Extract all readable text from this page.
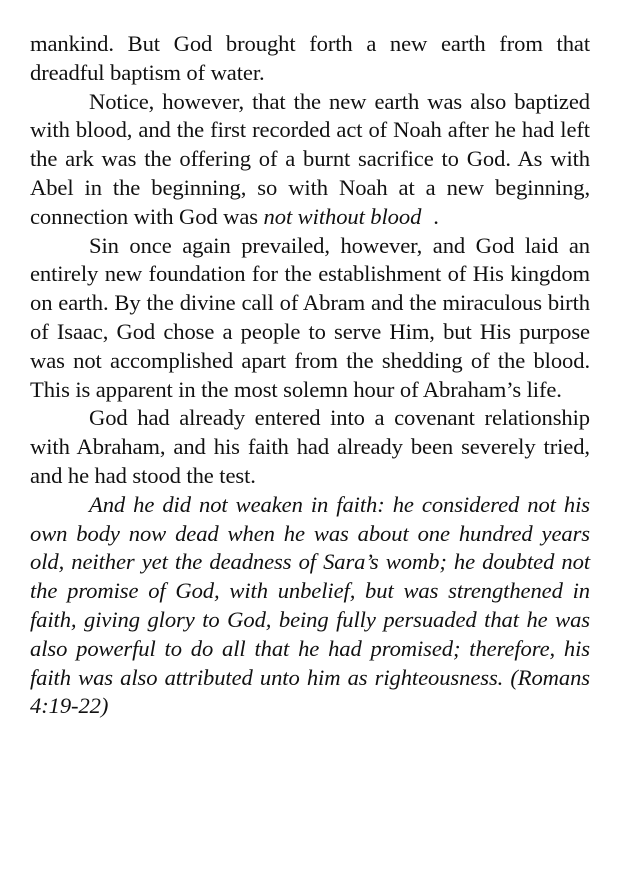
mankind. But God brought forth a new earth from that dreadful baptism of water.

Notice, however, that the new earth was also baptized with blood, and the first recorded act of Noah after he had left the ark was the offering of a burnt sacrifice to God. As with Abel in the beginning, so with Noah at a new beginning, connection with God was not without blood .

Sin once again prevailed, however, and God laid an entirely new foundation for the establishment of His kingdom on earth. By the divine call of Abram and the miraculous birth of Isaac, God chose a people to serve Him, but His purpose was not accomplished apart from the shedding of the blood. This is apparent in the most solemn hour of Abraham’s life.

God had already entered into a covenant relationship with Abraham, and his faith had already been severely tried, and he had stood the test.

And he did not weaken in faith: he considered not his own body now dead when he was about one hundred years old, neither yet the deadness of Sara’s womb; he doubted not the promise of God, with unbelief, but was strengthened in faith, giving glory to God, being fully persuaded that he was also powerful to do all that he had promised; therefore, his faith was also attributed unto him as righteousness. (Romans 4:19-22)
